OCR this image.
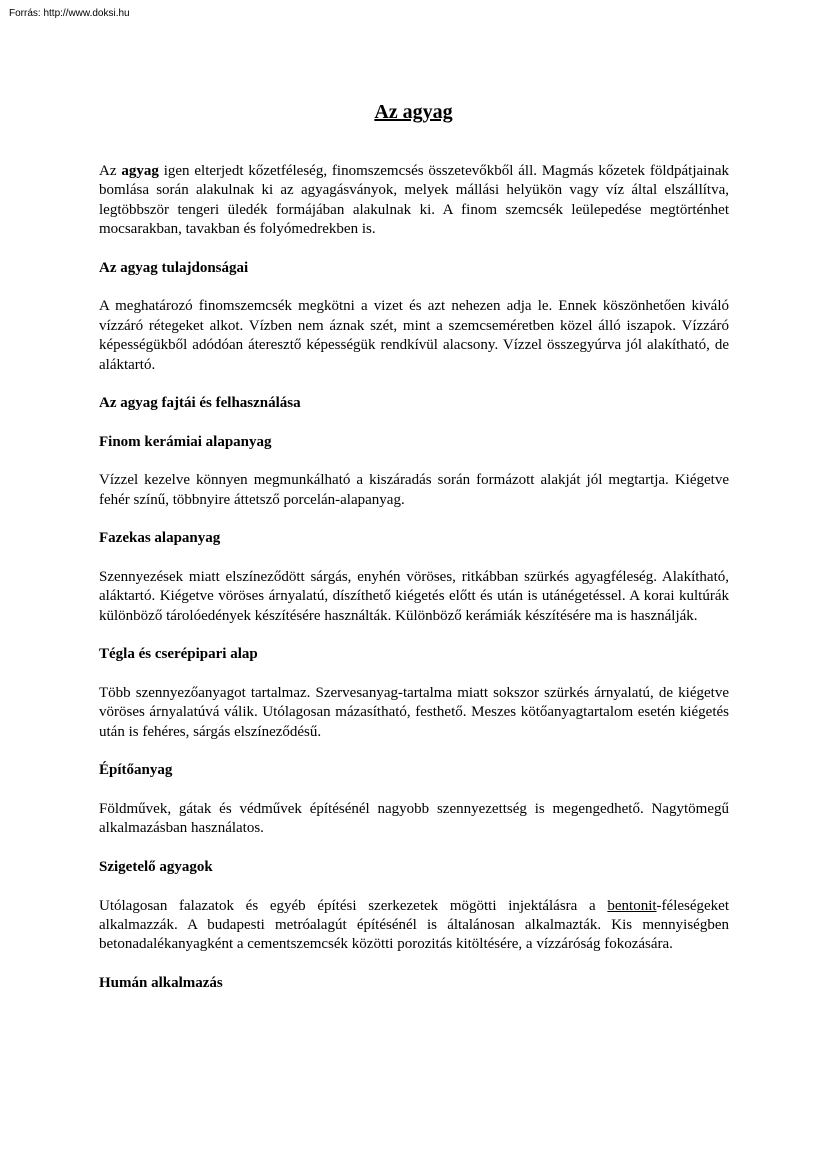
Forrás: http://www.doksi.hu
Az agyag

Az agyag igen elterjedt kőzetféleség, finomszemcsés összetevőkből áll. Magmás kőzetek földpátjainak bomlása során alakulnak ki az agyagásványok, melyek mállási helyükön vagy víz által elszállítva, legtöbbször tengeri üledék formájában alakulnak ki. A finom szemcsék leülepedése megtörténhet mocsarakban, tavakban és folyómedrekben is.

Az agyag tulajdonságai

A meghatározó finomszemcsék megkötni a vizet és azt nehezen adja le. Ennek köszönhetően kiváló vízzáró rétegeket alkot. Vízben nem áznak szét, mint a szemcseméretben közel álló iszapok. Vízzáró képességükből adódóan áteresztő képességük rendkívül alacsony. Vízzel összegyúrva jól alakítható, de aláktartó.

Az agyag fajtái és felhasználása
Finom kerámiai alapanyag

Vízzel kezelve könnyen megmunkálható a kiszáradás során formázott alakját jól megtartja. Kiégetve fehér színű, többnyire áttetsző porcelán-alapanyag.

Fazekas alapanyag

Szennyezések miatt elszíneződött sárgás, enyhén vöröses, ritkábban szürkés agyagféleség. Alakítható, aláktartó. Kiégetve vöröses árnyalatú, díszíthető kiégetés előtt és után is utánégetéssel. A korai kultúrák különböző tárolóedények készítésére használták. Különböző kerámiák készítésére ma is használják.

Tégla és cserépipari alap

Több szennyezőanyagot tartalmaz. Szervesanyag-tartalma miatt sokszor szürkés árnyalatú, de kiégetve vöröses árnyalatúvá válik. Utólagosan mázasítható, festhető. Meszes kötőanyagtartalom esetén kiégetés után is fehéres, sárgás elszíneződésű.

Építőanyag

Földművek, gátak és védművek építésénél nagyobb szennyezettség is megengedhető. Nagytömegű alkalmazásban használatos.

Szigetelő agyagok

Utólagosan falazatok és egyéb építési szerkezetek mögötti injektálásra a bentonit-féleségeket alkalmazzák. A budapesti metróalagút építésénél is általánosan alkalmazták. Kis mennyiségben betonadalékanyagként a cementszemcsék közötti porozitás kitöltésére, a vízzáróság fokozására.

Humán alkalmazás
